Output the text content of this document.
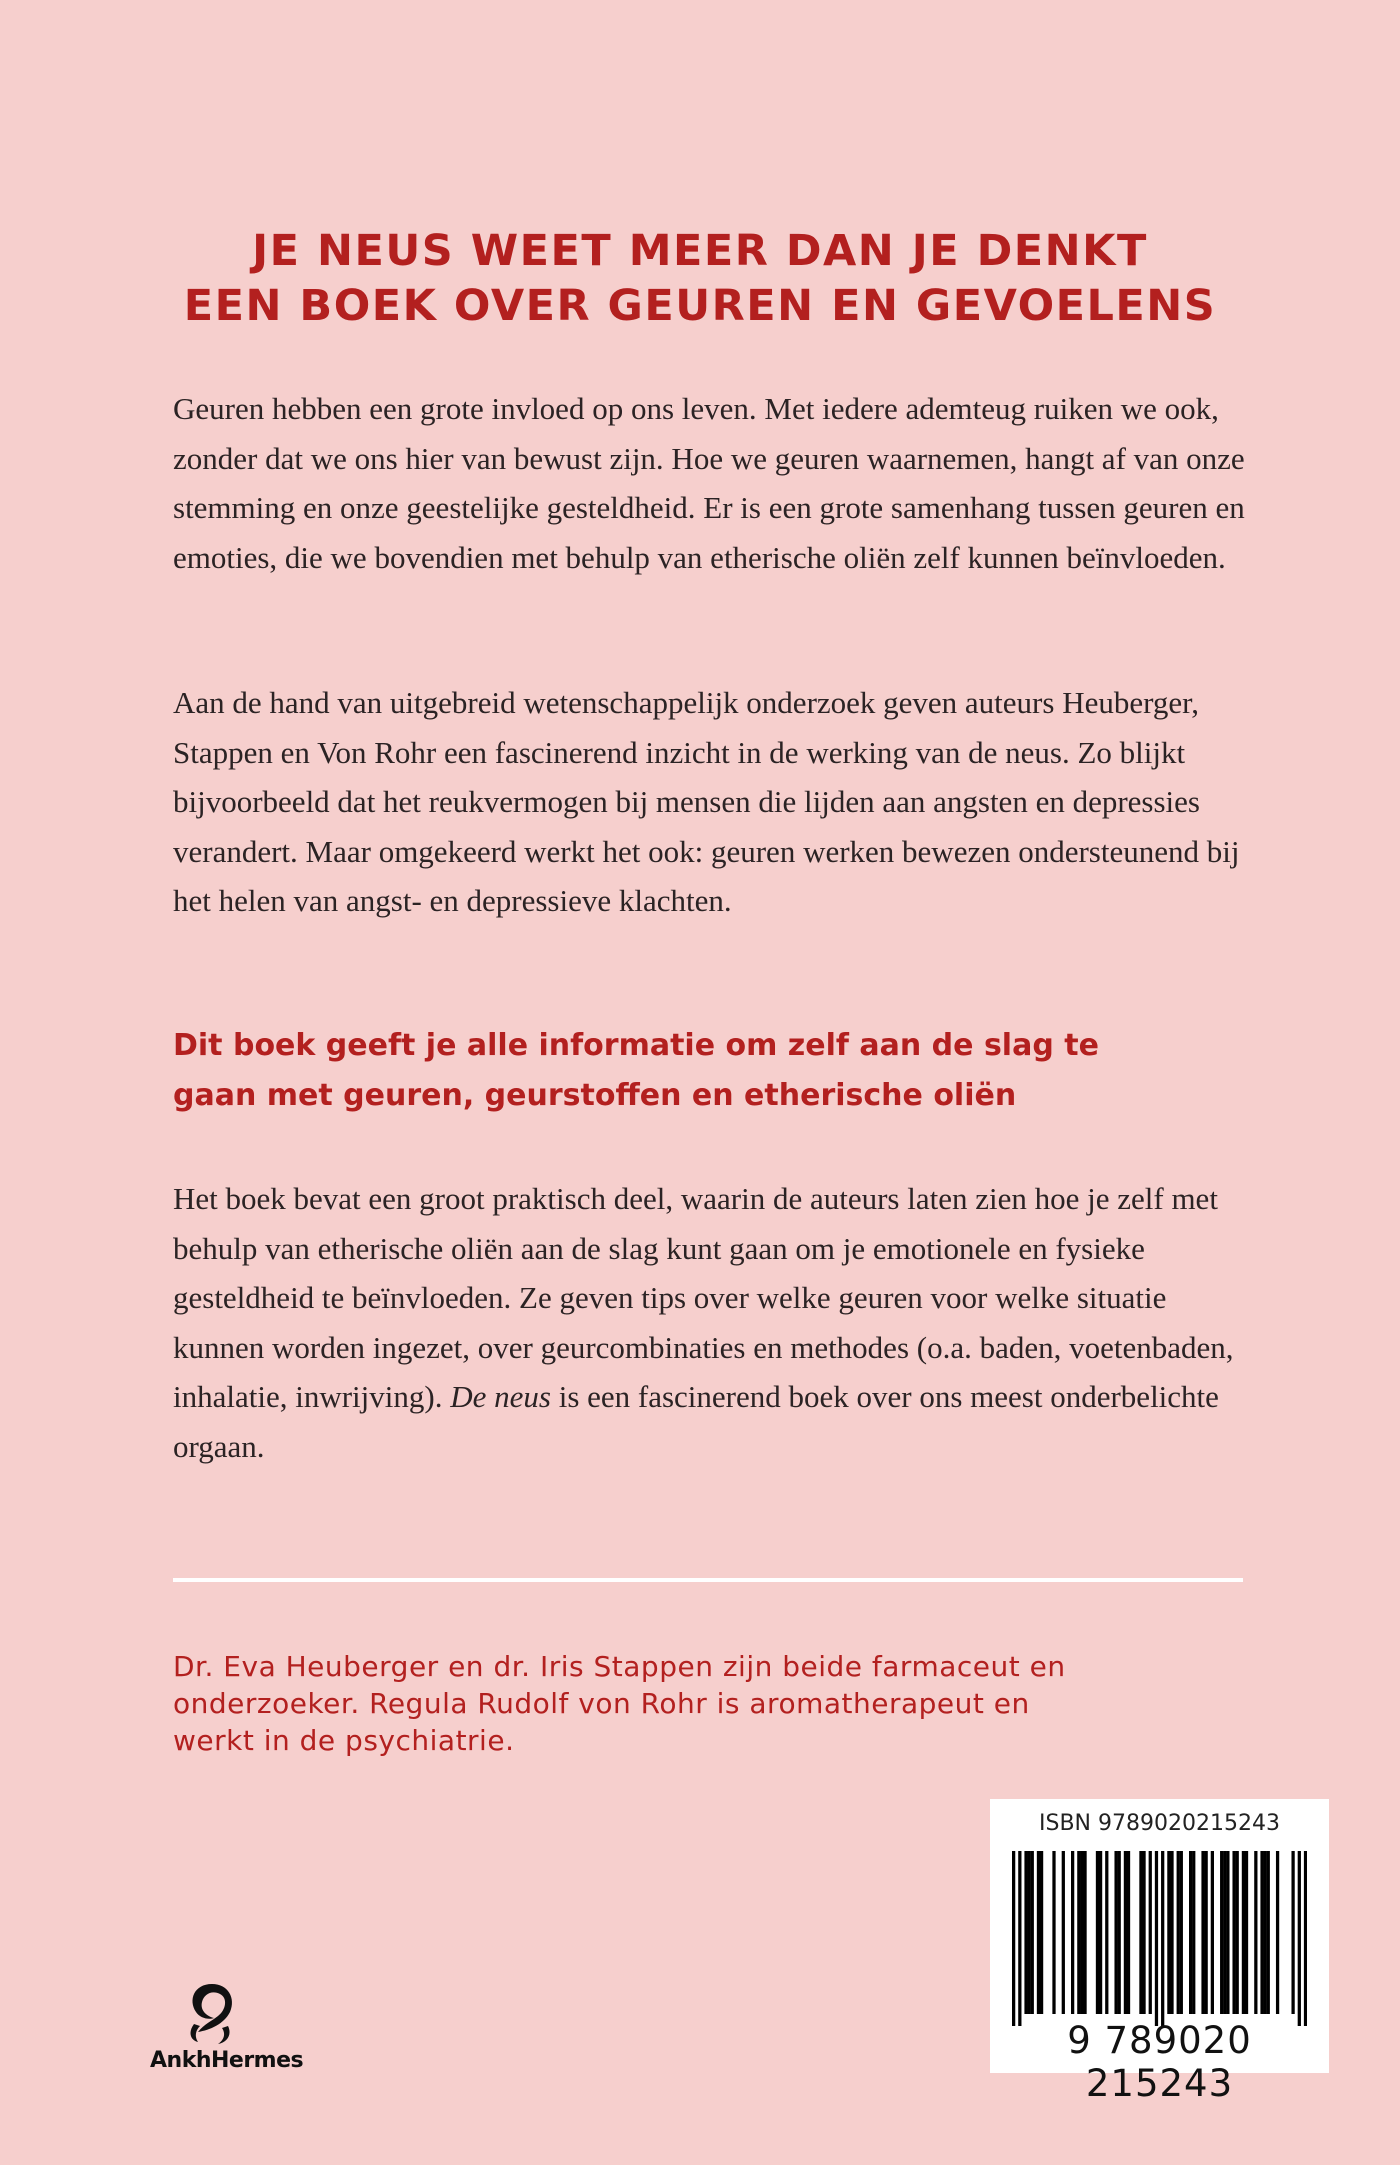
JE NEUS WEET MEER DAN JE DENKT
EEN BOEK OVER GEUREN EN GEVOELENS

Geuren hebben een grote invloed op ons leven. Met iedere ademteug ruiken we ook, zonder dat we ons hier van bewust zijn. Hoe we geuren waarnemen, hangt af van onze stemming en onze geestelijke gesteldheid. Er is een grote samenhang tussen geuren en emoties, die we bovendien met behulp van etherische oliën zelf kunnen beïnvloeden.

Aan de hand van uitgebreid wetenschappelijk onderzoek geven auteurs Heuberger, Stappen en Von Rohr een fascinerend inzicht in de werking van de neus. Zo blijkt bijvoorbeeld dat het reukvermogen bij mensen die lijden aan angsten en depressies verandert. Maar omgekeerd werkt het ook: geuren werken bewezen ondersteunend bij het helen van angst- en depressieve klachten.

Dit boek geeft je alle informatie om zelf aan de slag te
gaan met geuren, geurstoffen en etherische oliën

Het boek bevat een groot praktisch deel, waarin de auteurs laten zien hoe je zelf met behulp van etherische oliën aan de slag kunt gaan om je emotionele en fysieke gesteldheid te beïnvloeden. Ze geven tips over welke geuren voor welke situatie kunnen worden ingezet, over geurcombinaties en methodes (o.a. baden, voetenbaden, inhalatie, inwrijving). De neus is een fascinerend boek over ons meest onderbelichte orgaan.

Dr. Eva Heuberger en dr. Iris Stappen zijn beide farmaceut en
onderzoeker. Regula Rudolf von Rohr is aromatherapeut en
werkt in de psychiatrie.

AnkhHermes
ISBN 9789020215243
9 789020 215243
